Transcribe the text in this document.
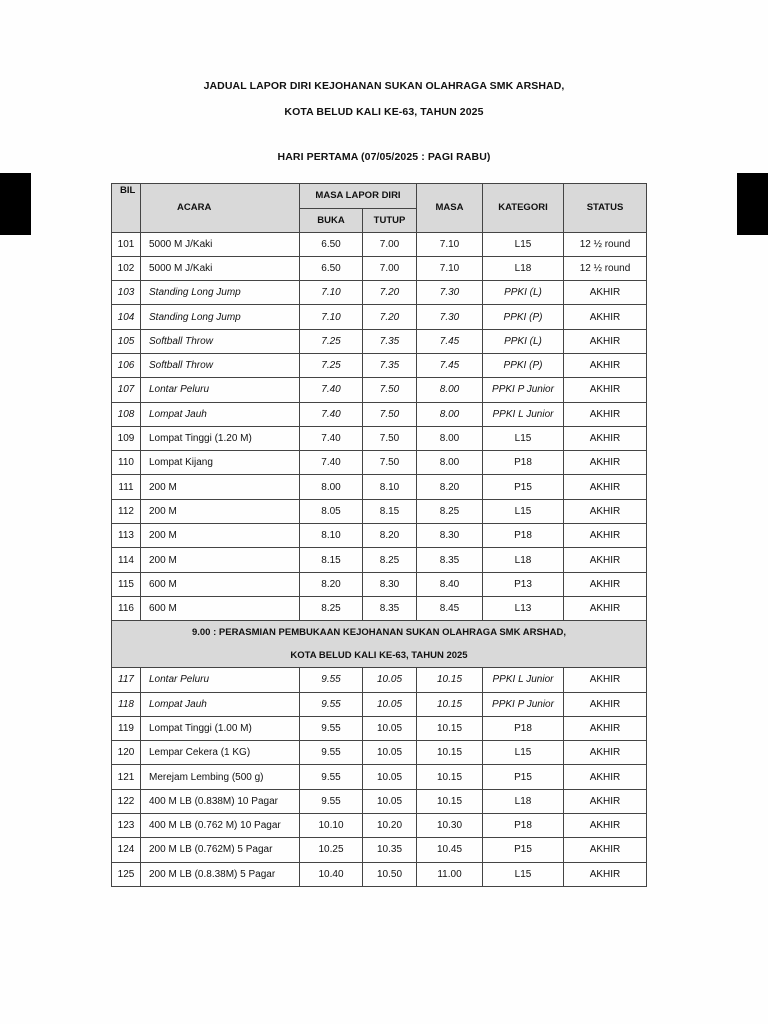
JADUAL LAPOR DIRI KEJOHANAN SUKAN OLAHRAGA SMK ARSHAD,
KOTA BELUD KALI KE-63, TAHUN 2025
HARI PERTAMA (07/05/2025 : PAGI RABU)
BIL	ACARA	MASA LAPOR DIRI		MASA	KATEGORI	STATUS
		BUKA	TUTUP			
101	5000 M J/Kaki	6.50	7.00	7.10	L15	12 ½ round
102	5000 M J/Kaki	6.50	7.00	7.10	L18	12 ½ round
103	Standing Long Jump	7.10	7.20	7.30	PPKI (L)	AKHIR
104	Standing Long Jump	7.10	7.20	7.30	PPKI (P)	AKHIR
105	Softball Throw	7.25	7.35	7.45	PPKI (L)	AKHIR
106	Softball Throw	7.25	7.35	7.45	PPKI (P)	AKHIR
107	Lontar Peluru	7.40	7.50	8.00	PPKI P Junior	AKHIR
108	Lompat Jauh	7.40	7.50	8.00	PPKI L Junior	AKHIR
109	Lompat Tinggi (1.20 M)	7.40	7.50	8.00	L15	AKHIR
110	Lompat Kijang	7.40	7.50	8.00	P18	AKHIR
111	200 M	8.00	8.10	8.20	P15	AKHIR
112	200 M	8.05	8.15	8.25	L15	AKHIR
113	200 M	8.10	8.20	8.30	P18	AKHIR
114	200 M	8.15	8.25	8.35	L18	AKHIR
115	600 M	8.20	8.30	8.40	P13	AKHIR
116	600 M	8.25	8.35	8.45	L13	AKHIR

9.00 : PERASMIAN PEMBUKAAN KEJOHANAN SUKAN OLAHRAGA SMK ARSHAD,
KOTA BELUD KALI KE-63, TAHUN 2025						

117	Lontar Peluru	9.55	10.05	10.15	PPKI L Junior	AKHIR
118	Lompat Jauh	9.55	10.05	10.15	PPKI P Junior	AKHIR
119	Lompat Tinggi (1.00 M)	9.55	10.05	10.15	P18	AKHIR
120	Lempar Cekera (1 KG)	9.55	10.05	10.15	L15	AKHIR
121	Merejam Lembing (500 g)	9.55	10.05	10.15	P15	AKHIR
122	400 M LB (0.838M) 10 Pagar	9.55	10.05	10.15	L18	AKHIR
123	400 M LB (0.762 M) 10 Pagar	10.10	10.20	10.30	P18	AKHIR
124	200 M LB (0.762M) 5 Pagar	10.25	10.35	10.45	P15	AKHIR
125	200 M LB (0.8.38M) 5 Pagar	10.40	10.50	11.00	L15	AKHIR
